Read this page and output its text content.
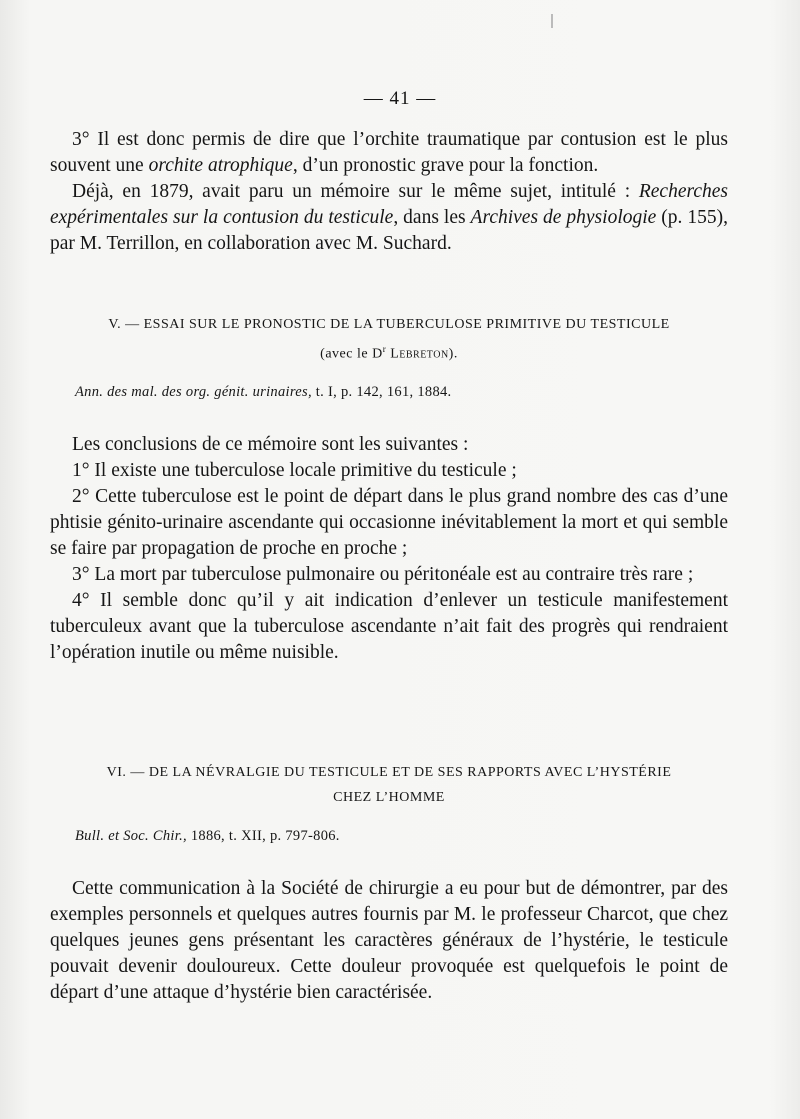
— 41 —

3° Il est donc permis de dire que l’orchite traumatique par contusion est le plus souvent une orchite atrophique, d’un pronostic grave pour la fonction.

Déjà, en 1879, avait paru un mémoire sur le même sujet, intitulé : Recherches expérimentales sur la contusion du testicule, dans les Archives de physiologie (p. 155), par M. Terrillon, en collaboration avec M. Suchard.

V. — ESSAI SUR LE PRONOSTIC DE LA TUBERCULOSE PRIMITIVE DU TESTICULE
(avec le $D^r$ Lebreton).
Ann. des mal. des org. génit. urinaires, t. I, p. 142, 161, 1884.

Les conclusions de ce mémoire sont les suivantes :

1° Il existe une tuberculose locale primitive du testicule ;

2° Cette tuberculose est le point de départ dans le plus grand nombre des cas d’une phtisie génito-urinaire ascendante qui occasionne inévitablement la mort et qui semble se faire par propagation de proche en proche ;

3° La mort par tuberculose pulmonaire ou péritonéale est au contraire très rare ;

4° Il semble donc qu’il y ait indication d’enlever un testicule manifestement tuberculeux avant que la tuberculose ascendante n’ait fait des progrès qui rendraient l’opération inutile ou même nuisible.

VI. — DE LA NÉVRALGIE DU TESTICULE ET DE SES RAPPORTS AVEC L’HYSTÉRIE
CHEZ L’HOMME
Bull. et Soc. Chir., 1886, t. XII, p. 797-806.

Cette communication à la Société de chirurgie a eu pour but de démontrer, par des exemples personnels et quelques autres fournis par M. le professeur Charcot, que chez quelques jeunes gens présentant les caractères généraux de l’hystérie, le testicule pouvait devenir douloureux. Cette douleur provoquée est quelquefois le point de départ d’une attaque d’hystérie bien caractérisée.
